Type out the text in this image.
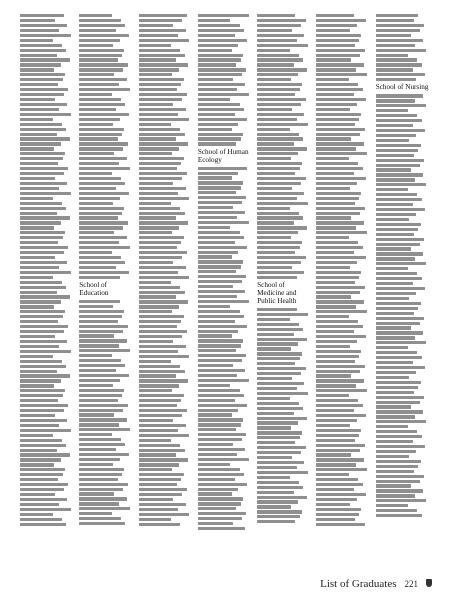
School of Education
School of Human Ecology
School of Medicine and Public Health
School of Nursing
List of Graduates 221
